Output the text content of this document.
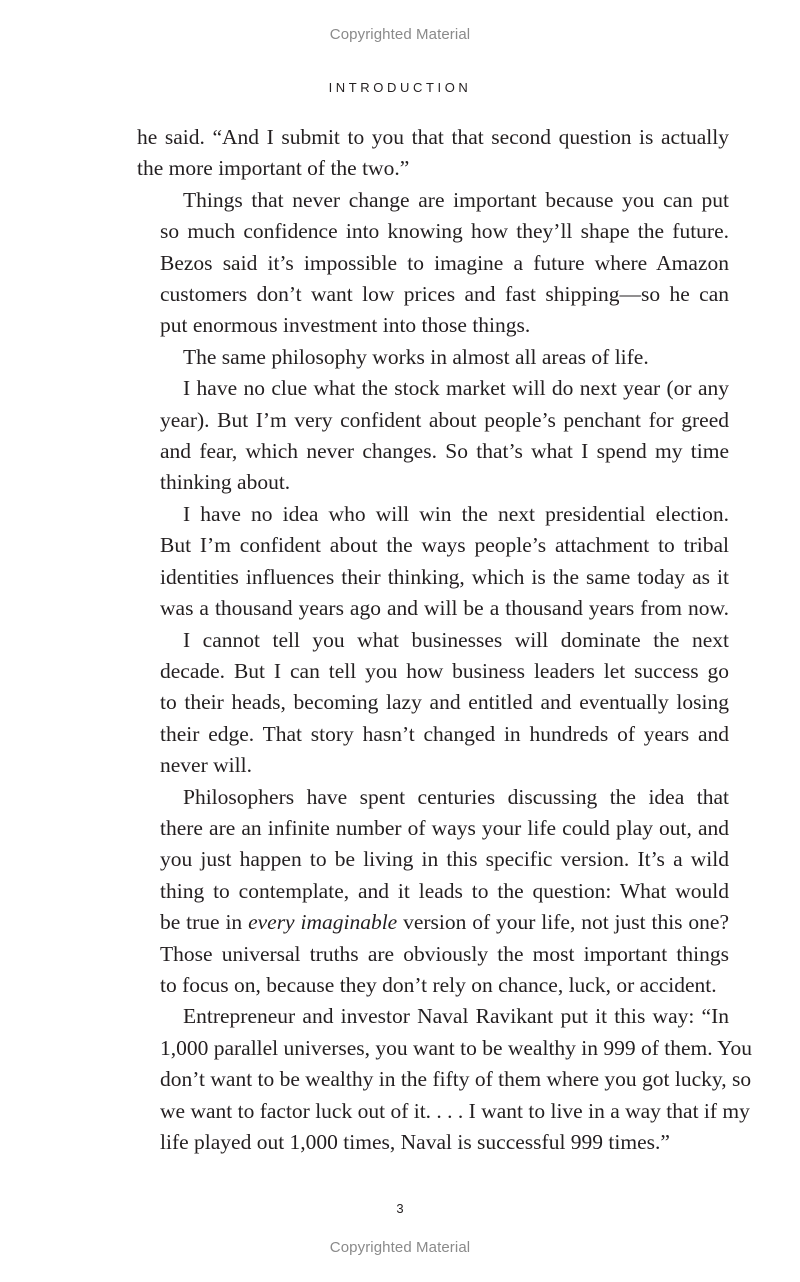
Copyrighted Material
INTRODUCTION

he said. “And I submit to you that that second question is actually
the more important of the two.”

Things that never change are important because you can put
so much confidence into knowing how they’ll shape the future.
Bezos said it’s impossible to imagine a future where Amazon
customers don’t want low prices and fast shipping—so he can
put enormous investment into those things.

The same philosophy works in almost all areas of life.

I have no clue what the stock market will do next year (or any
year). But I’m very confident about people’s penchant for greed
and fear, which never changes. So that’s what I spend my time
thinking about.

I have no idea who will win the next presidential election.
But I’m confident about the ways people’s attachment to tribal
identities influences their thinking, which is the same today as it
was a thousand years ago and will be a thousand years from now.

I cannot tell you what businesses will dominate the next
decade. But I can tell you how business leaders let success go
to their heads, becoming lazy and entitled and eventually losing
their edge. That story hasn’t changed in hundreds of years and
never will.

Philosophers have spent centuries discussing the idea that
there are an infinite number of ways your life could play out, and
you just happen to be living in this specific version. It’s a wild
thing to contemplate, and it leads to the question: What would
be true in every imaginable version of your life, not just this one?
Those universal truths are obviously the most important things
to focus on, because they don’t rely on chance, luck, or accident.

Entrepreneur and investor Naval Ravikant put it this way: “In
1,000 parallel universes, you want to be wealthy in 999 of them. You
don’t want to be wealthy in the fifty of them where you got lucky, so
we want to factor luck out of it. . . . I want to live in a way that if my
life played out 1,000 times, Naval is successful 999 times.”

3
Copyrighted Material
